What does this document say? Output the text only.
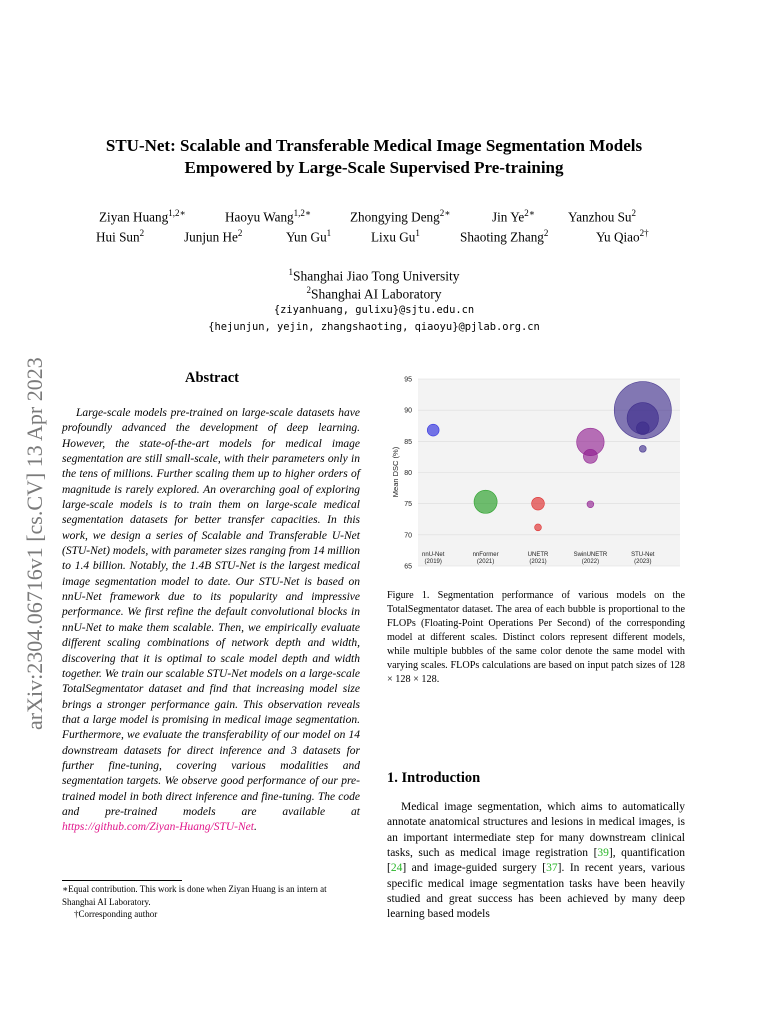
arXiv:2304.06716v1 [cs.CV] 13 Apr 2023
STU-Net: Scalable and Transferable Medical Image Segmentation Models
Empowered by Large-Scale Supervised Pre-training
Ziyan Huang$^{1,2∗}$	Haoyu Wang$^{1,2∗}$	Zhongying Deng$^{2∗}$	Jin $Ye^{2∗}$	Yanzhou Su$^2$
Hui Sun$^2$	Junjun He$^2$	Yun Gu$^1$	Lixu Gu$^1$	Shaoting Zhang$^2$	Yu Qiao$^{2\dagger}$
$^1$Shanghai Jiao Tong University
$^2$Shanghai AI Laboratory
{ziyanhuang, gulixu}@sjtu.edu.cn
{hejunjun, yejin, zhangshaoting, qiaoyu}@pjlab.org.cn
Abstract
Large-scale models pre-trained on large-scale datasets have profoundly advanced the development of deep learning. However, the state-of-the-art models for medical image segmentation are still small-scale, with their parameters only in the tens of millions. Further scaling them up to higher orders of magnitude is rarely explored. An overarching goal of exploring large-scale models is to train them on large-scale medical segmentation datasets for better transfer capacities. In this work, we design a series of Scalable and Transferable U-Net (STU-Net) models, with parameter sizes ranging from 14 million to 1.4 billion. Notably, the 1.4B STU-Net is the largest medical image segmentation model to date. Our STU-Net is based on nnU-Net framework due to its popularity and impressive performance. We first refine the default convolutional blocks in nnU-Net to make them scalable. Then, we empirically evaluate different scaling combinations of network depth and width, discovering that it is optimal to scale model depth and width together. We train our scalable STU-Net models on a large-scale TotalSegmentator dataset and find that increasing model size brings a stronger performance gain. This observation reveals that a large model is promising in medical image segmentation. Furthermore, we evaluate the transferability of our model on 14 downstream datasets for direct inference and 3 datasets for further fine-tuning, covering various modalities and segmentation targets. We observe good performance of our pre-trained model in both direct inference and fine-tuning. The code and pre-trained models are available at https://github.com/Ziyan-Huang/STU-Net.

∗Equal contribution. This work is done when Ziyan Huang is an intern at Shanghai AI Laboratory.

†Corresponding author

65
70
75
80
85
90
95
nnU-Net
(2019)
nnFormer
(2021)
UNETR
(2021)
SwinUNETR
(2022)
STU-Net
(2023)
Mean DSC (%)
Figure 1. Segmentation performance of various models on the TotalSegmentator dataset. The area of each bubble is proportional to the FLOPs (Floating-Point Operations Per Second) of the corresponding model at different scales. Distinct colors represent different models, while multiple bubbles of the same color denote the same model with varying scales. FLOPs calculations are based on input patch sizes of 128 × 128 × 128.
1. Introduction
Medical image segmentation, which aims to automatically annotate anatomical structures and lesions in medical images, is an important intermediate step for many downstream clinical tasks, such as medical image registration [39], quantification [24] and image-guided surgery [37]. In recent years, various specific medical image segmentation tasks have been heavily studied and great success has been achieved by many deep learning based models
